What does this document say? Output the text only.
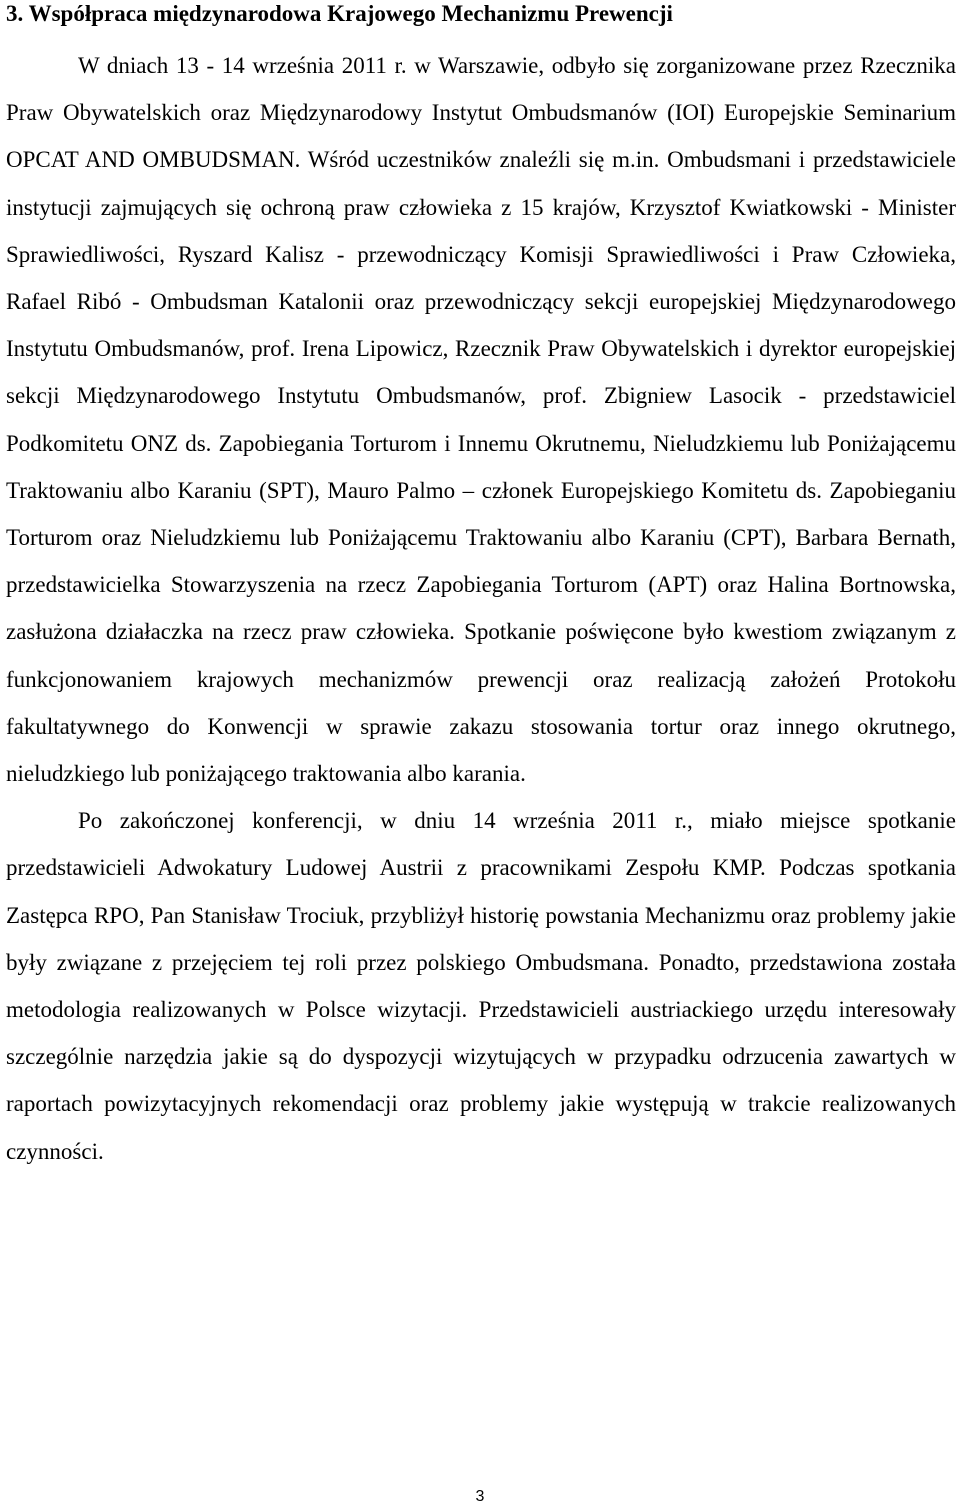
3. Współpraca międzynarodowa Krajowego Mechanizmu Prewencji

W dniach 13 - 14 września 2011 r. w Warszawie, odbyło się zorganizowane przez Rzecznika Praw Obywatelskich oraz Międzynarodowy Instytut Ombudsmanów (IOI) Europejskie Seminarium OPCAT AND OMBUDSMAN. Wśród uczestników znaleźli się m.in. Ombudsmani i przedstawiciele instytucji zajmujących się ochroną praw człowieka z 15 krajów, Krzysztof Kwiatkowski - Minister Sprawiedliwości, Ryszard Kalisz - przewodniczący Komisji Sprawiedliwości i Praw Człowieka, Rafael Ribó - Ombudsman Katalonii oraz przewodniczący sekcji europejskiej Międzynarodowego Instytutu Ombudsmanów, prof. Irena Lipowicz, Rzecznik Praw Obywatelskich i dyrektor europejskiej sekcji Międzynarodowego Instytutu Ombudsmanów, prof. Zbigniew Lasocik - przedstawiciel Podkomitetu ONZ ds. Zapobiegania Torturom i Innemu Okrutnemu, Nieludzkiemu lub Poniżającemu Traktowaniu albo Karaniu (SPT), Mauro Palmo – członek Europejskiego Komitetu ds. Zapobieganiu Torturom oraz Nieludzkiemu lub Poniżającemu Traktowaniu albo Karaniu (CPT), Barbara Bernath, przedstawicielka Stowarzyszenia na rzecz Zapobiegania Torturom (APT) oraz Halina Bortnowska, zasłużona działaczka na rzecz praw człowieka. Spotkanie poświęcone było kwestiom związanym z funkcjonowaniem krajowych mechanizmów prewencji oraz realizacją założeń Protokołu fakultatywnego do Konwencji w sprawie zakazu stosowania tortur oraz innego okrutnego, nieludzkiego lub poniżającego traktowania albo karania.

Po zakończonej konferencji, w dniu 14 września 2011 r., miało miejsce spotkanie przedstawicieli Adwokatury Ludowej Austrii z pracownikami Zespołu KMP. Podczas spotkania Zastępca RPO, Pan Stanisław Trociuk, przybliżył historię powstania Mechanizmu oraz problemy jakie były związane z przejęciem tej roli przez polskiego Ombudsmana. Ponadto, przedstawiona została metodologia realizowanych w Polsce wizytacji. Przedstawicieli austriackiego urzędu interesowały szczególnie narzędzia jakie są do dyspozycji wizytujących w przypadku odrzucenia zawartych w raportach powizytacyjnych rekomendacji oraz problemy jakie występują w trakcie realizowanych czynności.

3
